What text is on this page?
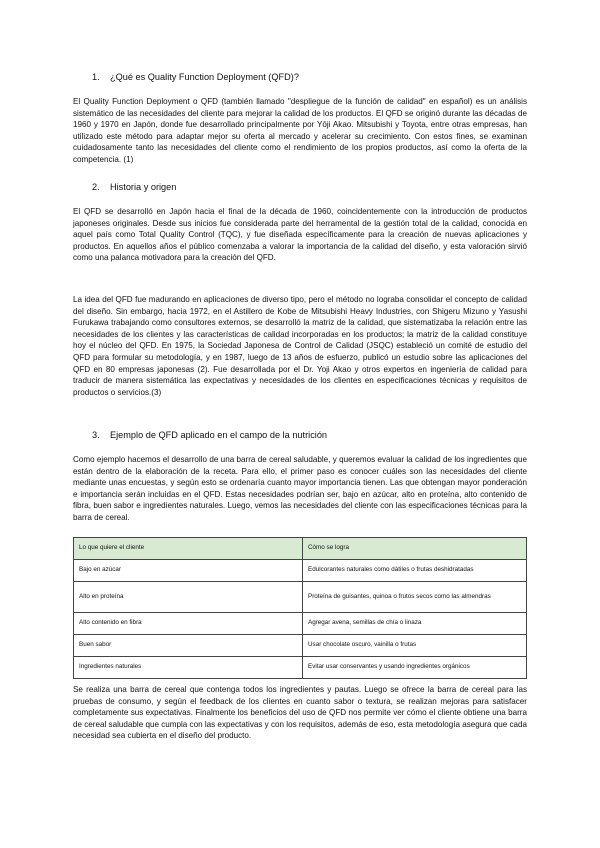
1. ¿Qué es Quality Function Deployment (QFD)?

El Quality Function Deployment o QFD (también llamado "despliegue de la función de calidad" en español) es un análisis sistemático de las necesidades del cliente para mejorar la calidad de los productos. El QFD se originó durante las décadas de 1960 y 1970 en Japón, donde fue desarrollado principalmente por Yōji Akao. Mitsubishi y Toyota, entre otras empresas, han utilizado este método para adaptar mejor su oferta al mercado y acelerar su crecimiento. Con estos fines, se examinan cuidadosamente tanto las necesidades del cliente como el rendimiento de los propios productos, así como la oferta de la competencia. (1)

2. Historia y origen

El QFD se desarrolló en Japón hacia el final de la década de 1960, coincidentemente con la introducción de productos japoneses originales. Desde sus inicios fue considerada parte del herramental de la gestión total de la calidad, conocida en aquel país como Total Quality Control (TQC), y fue diseñada específicamente para la creación de nuevas aplicaciones y productos. En aquellos años el público comenzaba a valorar la importancia de la calidad del diseño, y esta valoración sirvió como una palanca motivadora para la creación del QFD.

La idea del QFD fue madurando en aplicaciones de diverso tipo, pero el método no lograba consolidar el concepto de calidad del diseño. Sin embargo, hacia 1972, en el Astillero de Kobe de Mitsubishi Heavy Industries, con Shigeru Mizuno y Yasushi Furukawa trabajando como consultores externos, se desarrolló la matriz de la calidad, que sistematizaba la relación entre las necesidades de los clientes y las características de calidad incorporadas en los productos; la matriz de la calidad constituye hoy el núcleo del QFD. En 1975, la Sociedad Japonesa de Control de Calidad (JSQC) estableció un comité de estudio del QFD para formular su metodología, y en 1987, luego de 13 años de esfuerzo, publicó un estudio sobre las aplicaciones del QFD en 80 empresas japonesas (2). Fue desarrollada por el Dr. Yoji Akao y otros expertos en ingeniería de calidad para traducir de manera sistemática las expectativas y necesidades de los clientes en especificaciones técnicas y requisitos de productos o servicios.(3)

3. Ejemplo de QFD aplicado en el campo de la nutrición

Como ejemplo hacemos el desarrollo de una barra de cereal saludable, y queremos evaluar la calidad de los ingredientes que están dentro de la elaboración de la receta. Para ello, el primer paso es conocer cuáles son las necesidades del cliente mediante unas encuestas, y según esto se ordenaría cuanto mayor importancia tienen. Las que obtengan mayor ponderación e importancia serán incluidas en el QFD. Estas necesidades podrían ser, bajo en azúcar, alto en proteína, alto contenido de fibra, buen sabor e ingredientes naturales. Luego, vemos las necesidades del cliente con las especificaciones técnicas para la barra de cereal.

Lo que quiere el cliente	Cómo se logra
Bajo en azúcar	Edulcorantes naturales como dátiles o frutas deshidratadas
Alto en proteína	Proteína de guisantes, quinoa o frutos secos como las almendras
Alto contenido en fibra	Agregar avena, semillas de chía o linaza
Buen sabor	Usar chocolate oscuro, vainilla o frutas
Ingredientes naturales	Evitar usar conservantes y usando ingredientes orgánicos

Se realiza una barra de cereal que contenga todos los ingredientes y pautas. Luego se ofrece la barra de cereal para las pruebas de consumo, y según el feedback de los clientes en cuanto sabor o textura, se realizan mejoras para satisfacer completamente sus expectativas. Finalmente los beneficios del uso de QFD nos permite ver cómo el cliente obtiene una barra de cereal saludable que cumpla con las expectativas y con los requisitos, además de eso, esta metodología asegura que cada necesidad sea cubierta en el diseño del producto.
